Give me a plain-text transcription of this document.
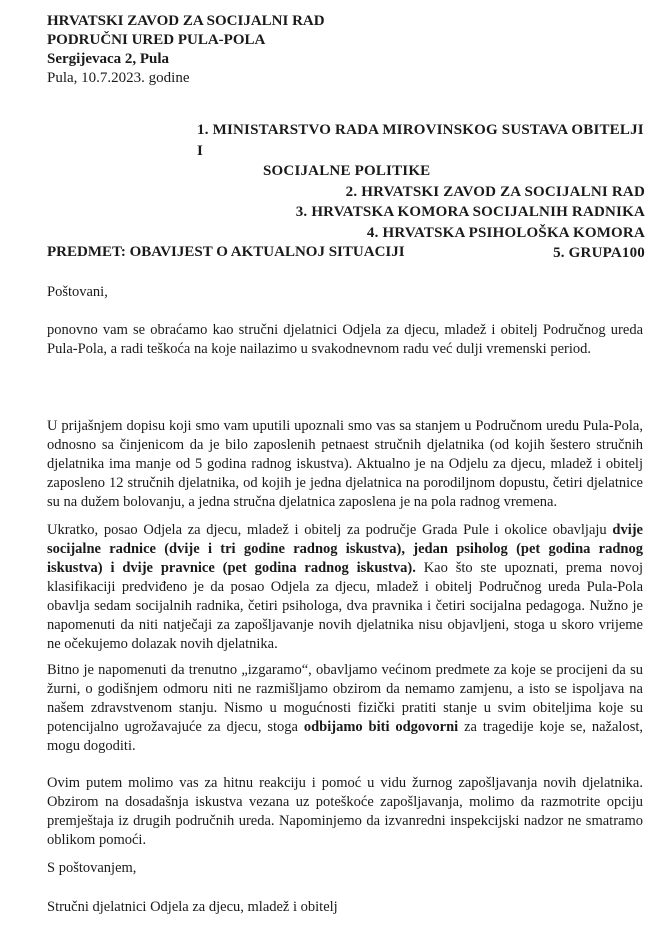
HRVATSKI ZAVOD ZA SOCIJALNI RAD
PODRUČNI URED PULA-POLA
Sergijevaca 2, Pula
Pula, 10.7.2023. godine
1. MINISTARSTVO RADA MIROVINSKOG SUSTAVA OBITELJI I
SOCIJALNE POLITIKE
2. HRVATSKI ZAVOD ZA SOCIJALNI RAD
3. HRVATSKA KOMORA SOCIJALNIH RADNIKA
4. HRVATSKA PSIHOLOŠKA KOMORA
5. GRUPA100
PREDMET: OBAVIJEST O AKTUALNOJ SITUACIJI
Poštovani,
ponovno vam se obraćamo kao stručni djelatnici Odjela za djecu, mladež i obitelj Područnog ureda Pula-Pola, a radi teškoća na koje nailazimo u svakodnevnom radu već dulji vremenski period.
U prijašnjem dopisu koji smo vam uputili upoznali smo vas sa stanjem u Područnom uredu Pula-Pola, odnosno sa činjenicom da je bilo zaposlenih petnaest stručnih djelatnika (od kojih šestero stručnih djelatnika ima manje od 5 godina radnog iskustva). Aktualno je na Odjelu za djecu, mladež i obitelj zaposleno 12 stručnih djelatnika, od kojih je jedna djelatnica na porodiljnom dopustu, četiri djelatnice su na dužem bolovanju, a jedna stručna djelatnica zaposlena je na pola radnog vremena.
Ukratko, posao Odjela za djecu, mladež i obitelj za područje Grada Pule i okolice obavljaju dvije socijalne radnice (dvije i tri godine radnog iskustva), jedan psiholog (pet godina radnog iskustva) i dvije pravnice (pet godina radnog iskustva). Kao što ste upoznati, prema novoj klasifikaciji predviđeno je da posao Odjela za djecu, mladež i obitelj Područnog ureda Pula-Pola obavlja sedam socijalnih radnika, četiri psihologa, dva pravnika i četiri socijalna pedagoga. Nužno je napomenuti da niti natječaji za zapošljavanje novih djelatnika nisu objavljeni, stoga u skoro vrijeme ne očekujemo dolazak novih djelatnika.
Bitno je napomenuti da trenutno „izgaramo“, obavljamo većinom predmete za koje se procijeni da su žurni, o godišnjem odmoru niti ne razmišljamo obzirom da nemamo zamjenu, a isto se ispoljava na našem zdravstvenom stanju. Nismo u mogućnosti fizički pratiti stanje u svim obiteljima koje su potencijalno ugrožavajuće za djecu, stoga odbijamo biti odgovorni za tragedije koje se, nažalost, mogu dogoditi.
Ovim putem molimo vas za hitnu reakciju i pomoć u vidu žurnog zapošljavanja novih djelatnika. Obzirom na dosadašnja iskustva vezana uz poteškoće zapošljavanja, molimo da razmotrite opciju premještaja iz drugih područnih ureda. Napominjemo da izvanredni inspekcijski nadzor ne smatramo oblikom pomoći.
S poštovanjem,
Stručni djelatnici Odjela za djecu, mladež i obitelj
